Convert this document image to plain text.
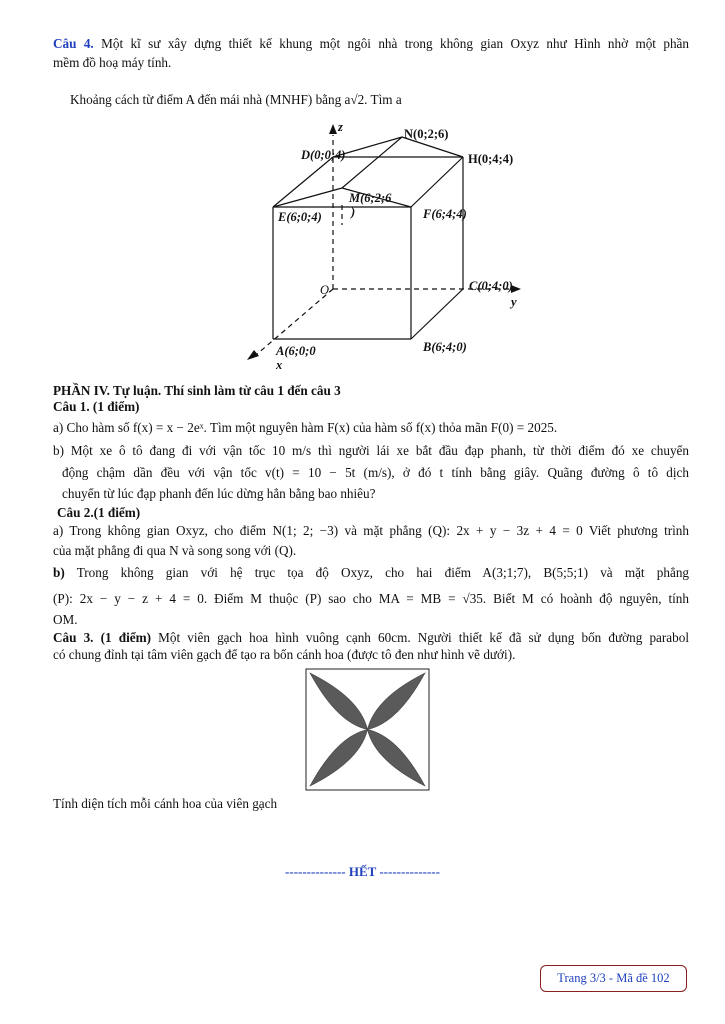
Câu 4. Một kĩ sư xây dựng thiết kế khung một ngôi nhà trong không gian Oxyz như Hình nhờ một phần
mềm đồ hoạ máy tính.
Khoảng cách từ điểm A đến mái nhà (MNHF) bằng a√2. Tìm a
z	N(0;2;6)
D(0;0;4)	H(0;4;4)
M(6;2;6
)
E(6;0;4)	F(6;4;4)
O	C(0;4;0)
y
A(6;0;0
x
B(6;4;0)
PHẦN IV. Tự luận. Thí sinh làm từ câu 1 đến câu 3
Câu 1. (1 điểm)
a) Cho hàm số f(x) = x − 2eˣ. Tìm một nguyên hàm F(x) của hàm số f(x) thỏa mãn F(0) = 2025.
b) Một xe ô tô đang đi với vận tốc 10 m/s thì người lái xe bắt đầu đạp phanh, từ thời điểm đó xe chuyển
động chậm dần đều với vận tốc v(t) = 10 − 5t (m/s), ở đó t tính bằng giây. Quãng đường ô tô dịch
chuyển từ lúc đạp phanh đến lúc dừng hẳn bằng bao nhiêu?
Câu 2.(1 điểm)
a) Trong không gian Oxyz, cho điểm N(1; 2; −3) và mặt phẳng (Q): 2x + y − 3z + 4 = 0 Viết phương trình
của mặt phẳng đi qua N và song song với (Q).
b) Trong không gian với hệ trục tọa độ Oxyz, cho hai điểm A(3;1;7), B(5;5;1) và mặt phẳng
(P): 2x − y − z + 4 = 0. Điểm M thuộc (P) sao cho MA = MB = √35. Biết M có hoành độ nguyên, tính
OM.
Câu 3. (1 điểm) Một viên gạch hoa hình vuông cạnh 60cm. Người thiết kế đã sử dụng bốn đường parabol
có chung đỉnh tại tâm viên gạch để tạo ra bốn cánh hoa (được tô đen như hình vẽ dưới).
Tính diện tích mỗi cánh hoa của viên gạch
-------------- HẾT --------------
Trang 3/3 - Mã đề 102
